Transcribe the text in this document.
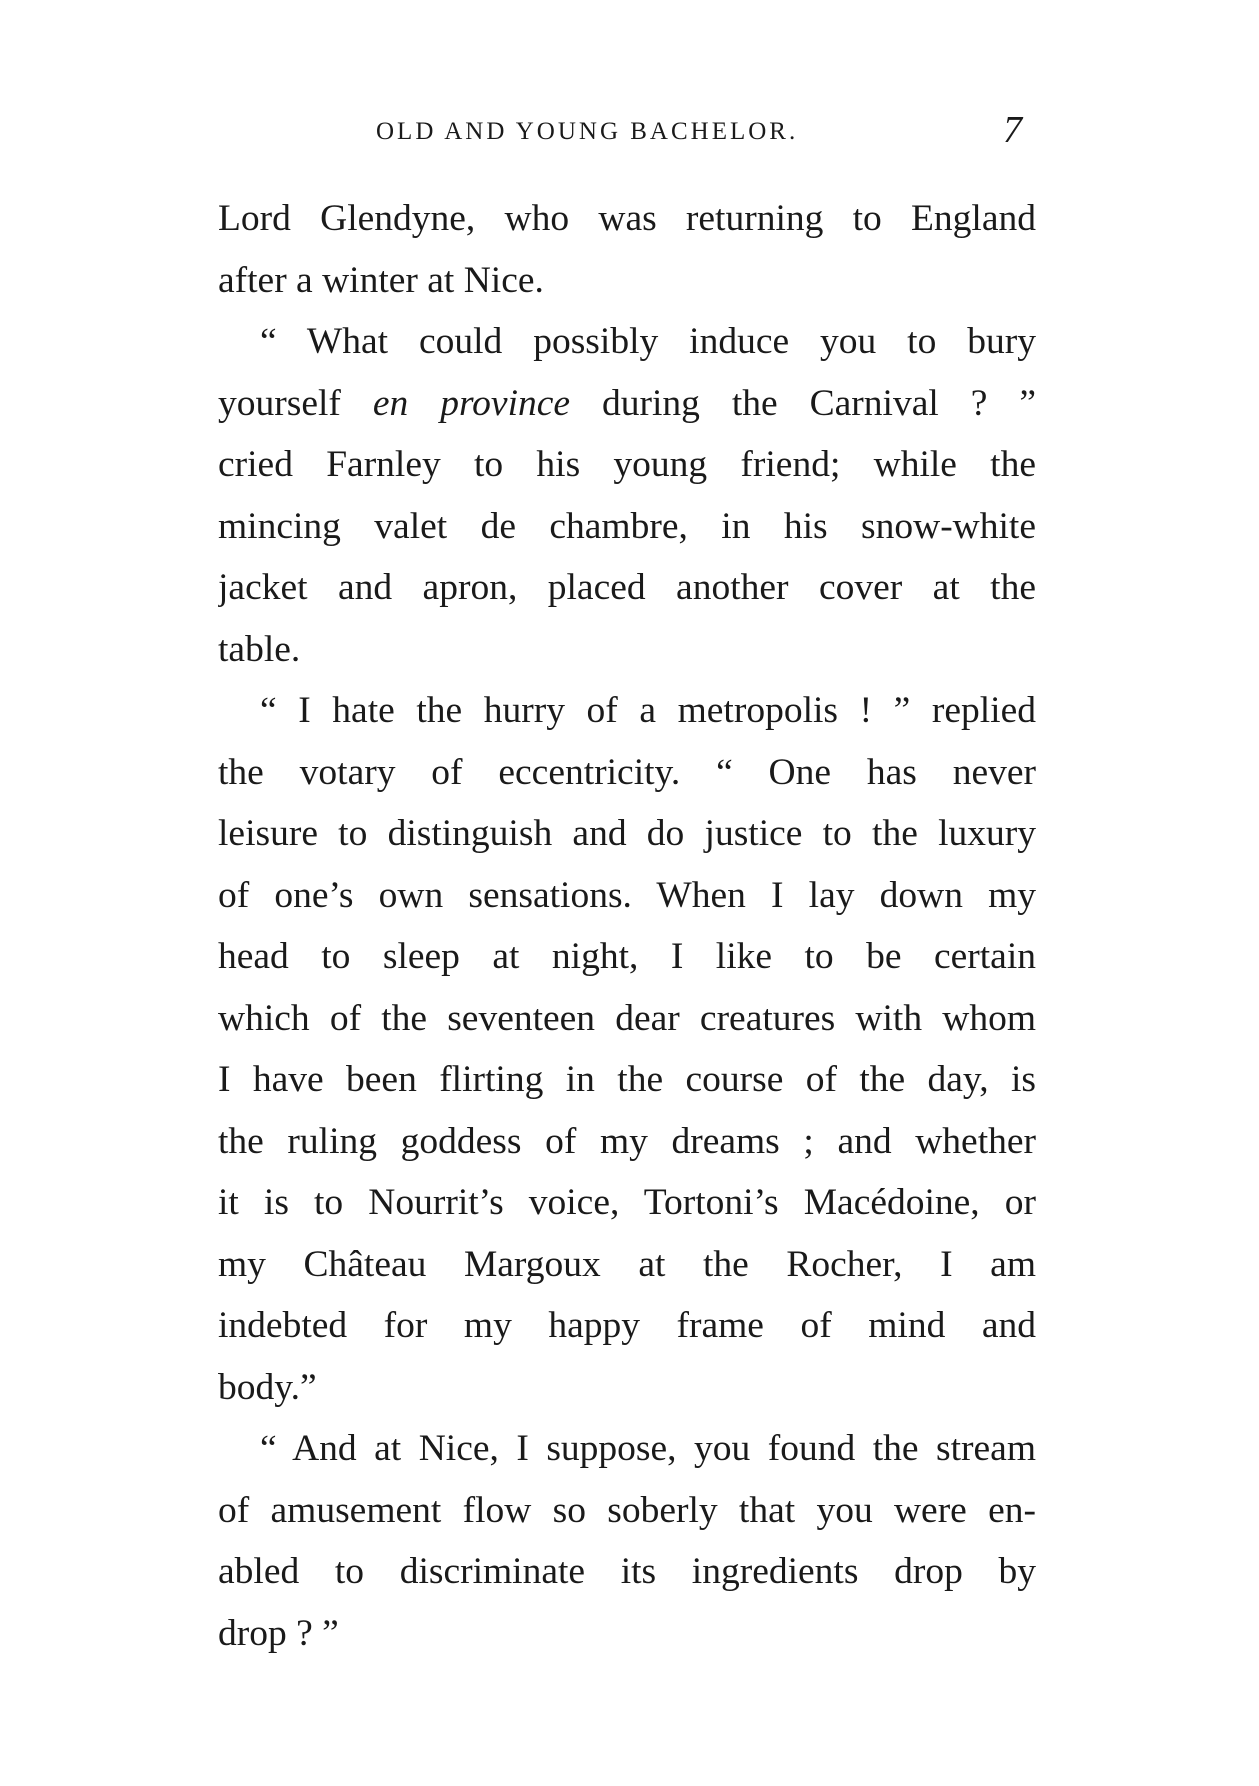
OLD AND YOUNG BACHELOR.	7
Lord Glendyne, who was returning to England
after a winter at Nice.
“ What could possibly induce you to bury
yourself en province during the Carnival ? ”
cried Farnley to his young friend; while the
mincing valet de chambre, in his snow-white
jacket and apron, placed another cover at the
table.
“ I hate the hurry of a metropolis ! ” replied
the votary of eccentricity. “ One has never
leisure to distinguish and do justice to the luxury
of one’s own sensations. When I lay down my
head to sleep at night, I like to be certain
which of the seventeen dear creatures with whom
I have been flirting in the course of the day, is
the ruling goddess of my dreams ; and whether
it is to Nourrit’s voice, Tortoni’s Macédoine, or
my Château Margoux at the Rocher, I am
indebted for my happy frame of mind and
body.”
“ And at Nice, I suppose, you found the stream
of amusement flow so soberly that you were en-
abled to discriminate its ingredients drop by
drop ? ”
